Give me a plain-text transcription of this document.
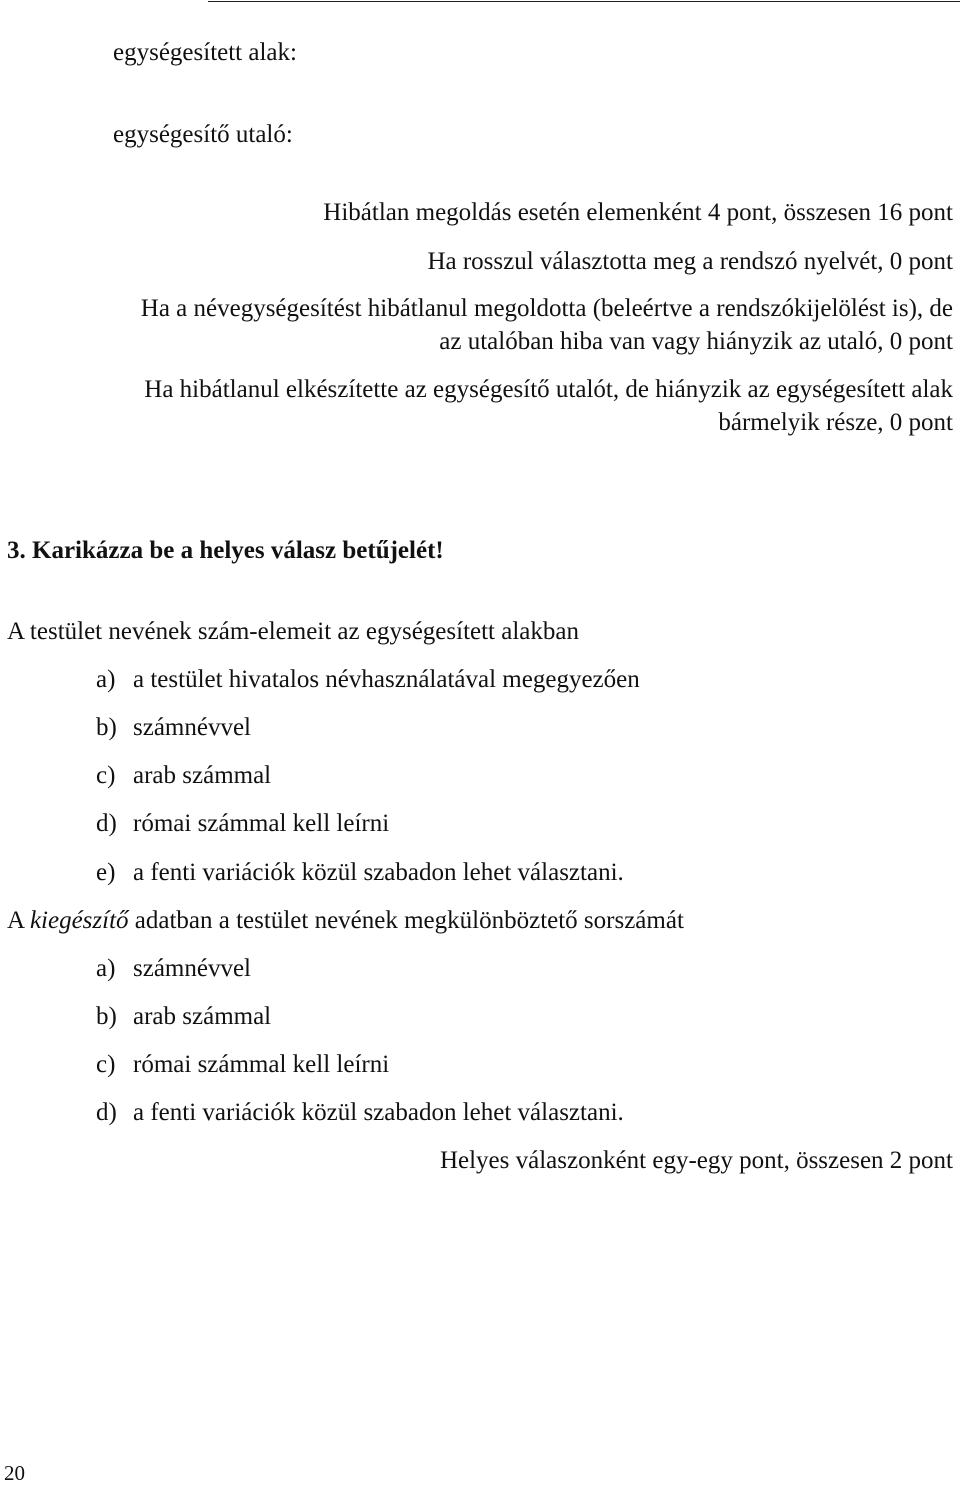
egységesített alak:
egységesítő utaló:
Hibátlan megoldás esetén elemenként 4 pont, összesen 16 pont
Ha rosszul választotta meg a rendszó nyelvét, 0 pont
Ha a névegységesítést hibátlanul megoldotta (beleértve a rendszókijelölést is), de
az utalóban hiba van vagy hiányzik az utaló, 0 pont
Ha hibátlanul elkészítette az egységesítő utalót, de hiányzik az egységesített alak
bármelyik része, 0 pont
3. Karikázza be a helyes válasz betűjelét!
A testület nevének szám-elemeit az egységesített alakban
a) a testület hivatalos névhasználatával megegyezően
b) számnévvel
c) arab számmal
d) római számmal kell leírni
e) a fenti variációk közül szabadon lehet választani.
A kiegészítő adatban a testület nevének megkülönböztető sorszámát
a) számnévvel
b) arab számmal
c) római számmal kell leírni
d) a fenti variációk közül szabadon lehet választani.
Helyes válaszonként egy-egy pont, összesen 2 pont
20
